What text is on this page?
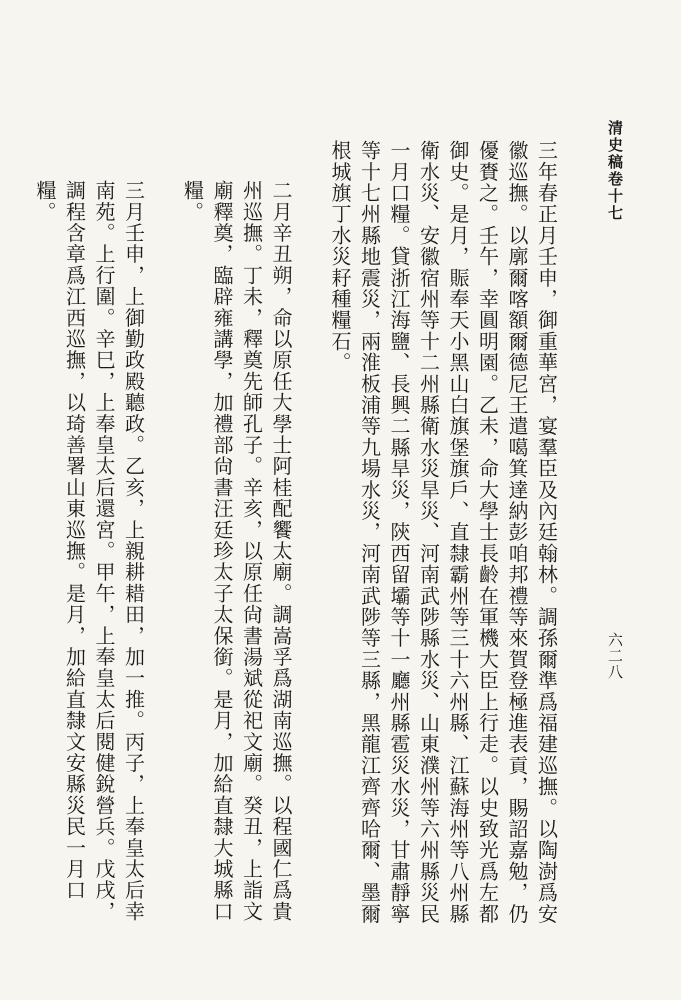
清史稿卷十七
六二八

三年春正月壬申，御重華宮，宴羣臣及內廷翰林。調孫爾準爲福建巡撫。以陶澍爲安徽巡撫。以廓爾喀額爾德尼王遣噶箕達納彭咱邦禮等來賀登極進表貢，賜詔嘉勉，仍優賚之。壬午，幸圓明園。乙未，命大學士長齡在軍機大臣上行走。以史致光爲左都御史。是月，賑奉天小黑山白旗堡旗戶、直隸霸州等三十六州縣、江蘇海州等八州縣衛水災、安徽宿州等十二州縣衛水災旱災、河南武陟縣水災、山東濮州等六州縣災民一月口糧。貸浙江海鹽、長興二縣旱災，陝西留壩等十一廳州縣雹災水災，甘肅靜寧等十七州縣地震災，兩淮板浦等九場水災，河南武陟等三縣，黑龍江齊齊哈爾、墨爾根城旗丁水災耔種糧石。

二月辛丑朔，命以原任大學士阿桂配饗太廟。調嵩孚爲湖南巡撫。以程國仁爲貴州巡撫。丁未，釋奠先師孔子。辛亥，以原任尙書湯斌從祀文廟。癸丑，上詣文廟釋奠，臨辟雍講學，加禮部尙書汪廷珍太子太保銜。是月，加給直隸大城縣口糧。

三月壬申，上御勤政殿聽政。乙亥，上親耕耤田，加一推。丙子，上奉皇太后幸南苑。上行圍。辛巳，上奉皇太后還宮。甲午，上奉皇太后閱健銳營兵。戊戌，調程含章爲江西巡撫，以琦善署山東巡撫。是月，加給直隸文安縣災民一月口糧。
